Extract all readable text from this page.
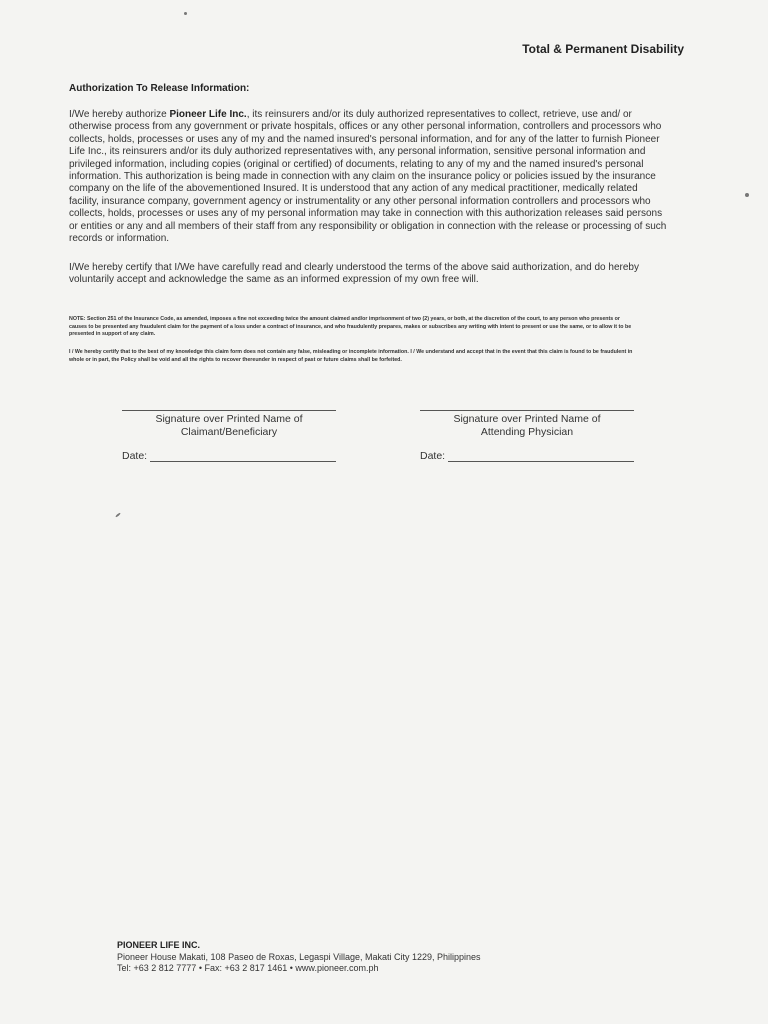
Total & Permanent Disability
Authorization To Release Information:
I/We hereby authorize Pioneer Life Inc., its reinsurers and/or its duly authorized representatives to collect, retrieve, use and/ or otherwise process from any government or private hospitals, offices or any other personal information, controllers and processors who collects, holds, processes or uses any of my and the named insured's personal information, and for any of the latter to furnish Pioneer Life Inc., its reinsurers and/or its duly authorized representatives with, any personal information, sensitive personal information and privileged information, including copies (original or certified) of documents, relating to any of my and the named insured's personal information. This authorization is being made in connection with any claim on the insurance policy or policies issued by the insurance company on the life of the abovementioned Insured. It is understood that any action of any medical practitioner, medically related facility, insurance company, government agency or instrumentality or any other personal information controllers and processors who collects, holds, processes or uses any of my personal information may take in connection with this authorization releases said persons or entities or any and all members of their staff from any responsibility or obligation in connection with the release or processing of such records or information.
I/We hereby certify that I/We have carefully read and clearly understood the terms of the above said authorization, and do hereby voluntarily accept and acknowledge the same as an informed expression of my own free will.
NOTE: Section 251 of the Insurance Code, as amended, imposes a fine not exceeding twice the amount claimed and/or imprisonment of two (2) years, or both, at the discretion of the court, to any person who presents or causes to be presented any fraudulent claim for the payment of a loss under a contract of insurance, and who fraudulently prepares, makes or subscribes any writing with intent to present or use the same, or to allow it to be presented in support of any claim.
I / We hereby certify that to the best of my knowledge this claim form does not contain any false, misleading or incomplete information. I / We understand and accept that in the event that this claim is found to be fraudulent in whole or in part, the Policy shall be void and all the rights to recover thereunder in respect of past or future claims shall be forfeited.
Signature over Printed Name of
Claimant/Beneficiary
Signature over Printed Name of
Attending Physician
Date:	Date:
PIONEER LIFE INC.
Pioneer House Makati, 108 Paseo de Roxas, Legaspi Village, Makati City 1229, Philippines
Tel: +63 2 812 7777 • Fax: +63 2 817 1461 • www.pioneer.com.ph
